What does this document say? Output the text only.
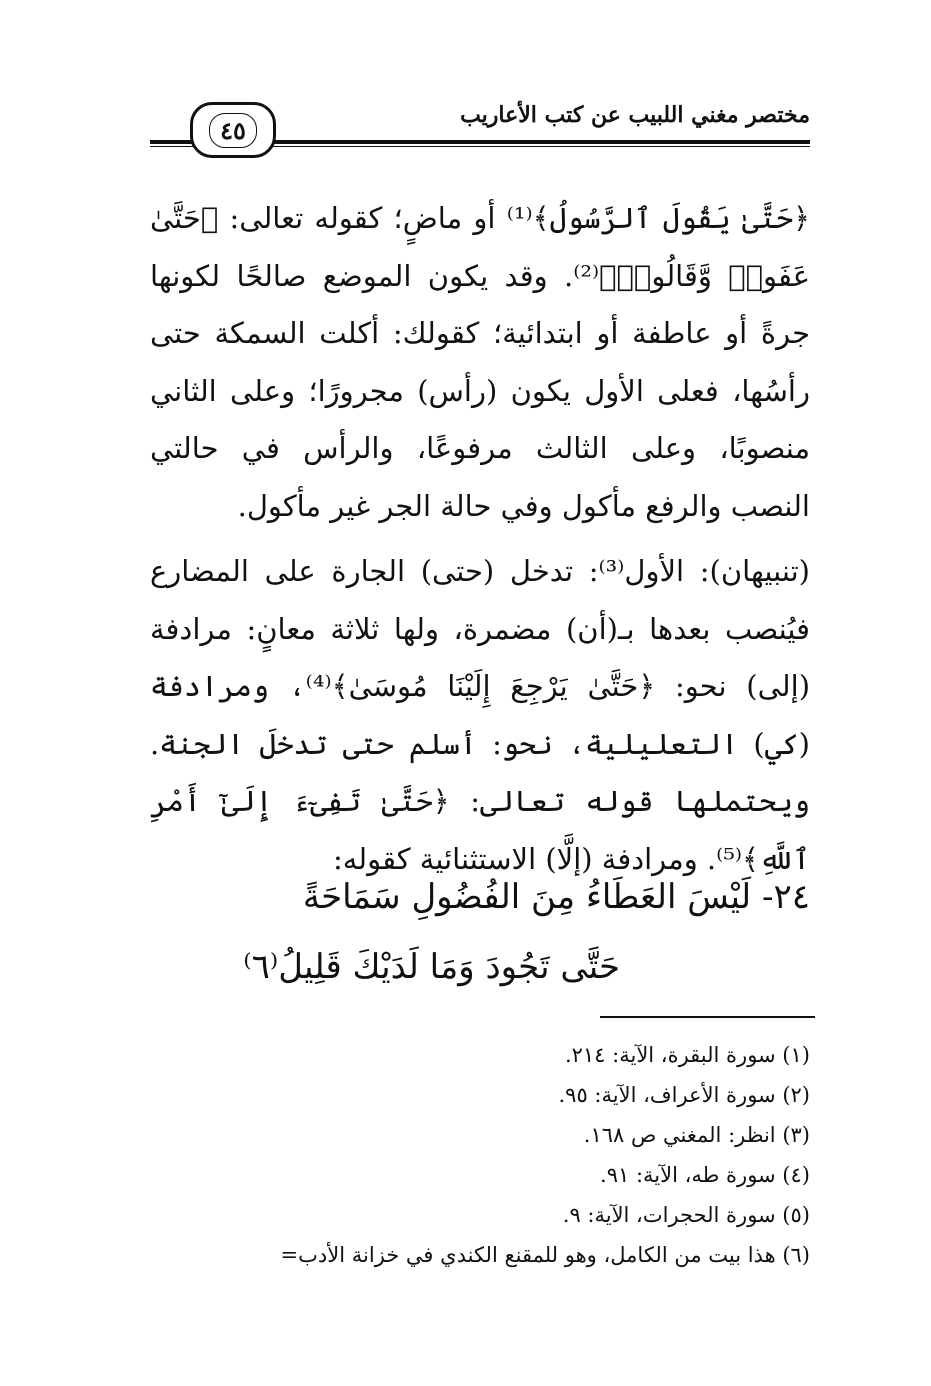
٤٥
مختصر مغني اللبيب عن كتب الأعاريب

﴿حَتَّىٰ يَقُولَ ٱلرَّسُولُ﴾⁽¹⁾ أو ماضٍ؛ كقوله تعالى: ﴿حَتَّىٰ عَفَوا۟ وَّقَالُوا۟﴾⁽²⁾. وقد يكون الموضع صالحًا لكونها جرةً أو عاطفة أو ابتدائية؛ كقولك: أكلت السمكة حتى رأسُها، فعلى الأول يكون (رأس) مجرورًا؛ وعلى الثاني منصوبًا، وعلى الثالث مرفوعًا، والرأس في حالتي النصب والرفع مأكول وفي حالة الجر غير مأكول.

(تنبيهان): الأول⁽³⁾: تدخل (حتى) الجارة على المضارع فيُنصب بعدها بـ(أن) مضمرة، ولها ثلاثة معانٍ: مرادفة (إلى) نحو: ﴿حَتَّىٰ يَرْجِعَ إِلَيْنَا مُوسَىٰ﴾⁽⁴⁾، ومرادفة (كي) التعليلية، نحو: أسلم حتى تدخلَ الجنة. ويحتملها قوله تعالى: ﴿حَتَّىٰ تَفِىٓءَ إِلَىٰٓ أَمْرِ ٱللَّهِ﴾⁽⁵⁾. ومرادفة (إلَّا) الاستثنائية كقوله:

٢٤- لَيْسَ العَطَاءُ مِنَ الفُضُولِ سَمَاحَةً
حَتَّى تَجُودَ وَمَا لَدَيْكَ قَلِيلُ⁽٦⁾
(١) سورة البقرة، الآية: ٢١٤.
(٢) سورة الأعراف، الآية: ٩٥.
(٣) انظر: المغني ص ١٦٨.
(٤) سورة طه، الآية: ٩١.
(٥) سورة الحجرات، الآية: ٩.
(٦) هذا بيت من الكامل، وهو للمقنع الكندي في خزانة الأدب=
